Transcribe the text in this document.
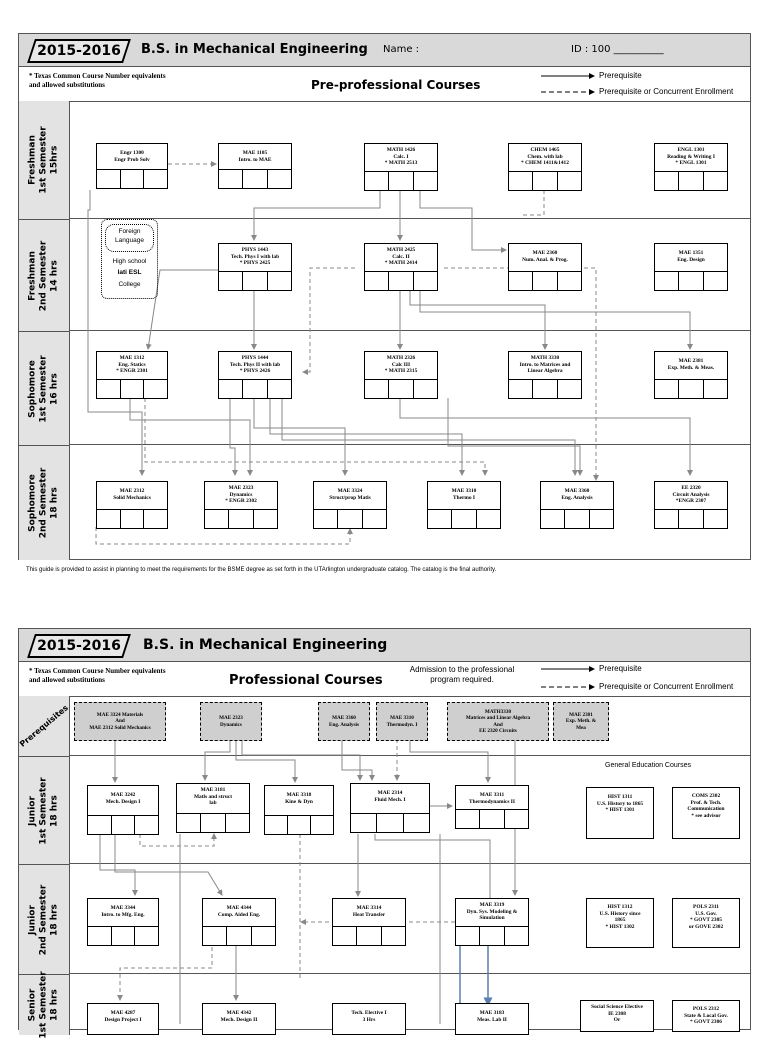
2015-2016	B.S. in Mechanical Engineering Name :	ID : 100 __________
* Texas Common Course Number equivalents
and allowed substitutions	Pre-professional Courses
Prerequisite
Prerequisite or Concurrent Enrollment
Freshman
1st Semester
15hrs
Freshman
2nd Semester
14 hrs
Sophomore
1st Semester
16 hrs
Sophomore
2nd Semester
18 hrs
Engr 1300
Engr Prob Solv
MAE 1105
Intro. to MAE
MATH 1426
Calc. I
* MATH 2513
CHEM 1465
Chem. with lab
* CHEM 1411&1412
ENGL 1301
Reading & Writing I
* ENGL 1301
Foreign
Language
High school
lati ESL
College
PHYS 1443
Tech. Phys I with lab
* PHYS 2425
MATH 2425
Calc. II
* MATH 2414
MAE 2360
Num. Anal. & Prog.
MAE 1351
Eng. Design
MAE 1312
Eng. Statics
* ENGR 2301
PHYS 1444
Tech. Phys II with lab
* PHYS 2426
MATH 2326
Calc III
* MATH 2315
MATH 3330
Intro. to Matrices and
Linear Algebra
MAE 2381
Exp. Meth. & Meas.
MAE 2312
Solid Mechanics
MAE 2323
Dynamics
* ENGR 2302
MAE 3324
Struct/prop Matls
MAE 3310
Thermo I
MAE 3360
Eng. Analysis
EE 2320
Circuit Analysis
*ENGR 2307
This guide is provided to assist in planning to meet the requirements for the BSME degree as set forth in the UTArlington undergraduate catalog. The catalog is the final authority.
2015-2016 B.S. in Mechanical Engineering
* Texas Common Course Number equivalents
and allowed substitutions	Professional Courses
Admission to the professional
program required.
Prerequisite
Prerequisite or Concurrent Enrollment
Prerequisites
Junior
1st Semester
18 hrs
Junior
2nd Semester
18 hrs
Senior
1st Semester
18 hrs
MAE 3324 Materials
And
MAE 2312 Solid Mechanics
MAE 2323
Dynamics
MAE 3360
Eng. Analysis
MAE 3310
Thermodyn. I
MATH3330
Matrices and Linear Algebra
And
EE 2320 Circuits
MAE 2381
Exp. Meth. &
Mea
MAE 3242
Mech. Design I
MAE 3181
Matls and struct
lab
MAE 3318
Kine & Dyn
MAE 2314
Fluid Mech. I
MAE 3311
Thermodynamics II
General Education Courses
HIST 1311
U.S. History to 1865
* HIST 1301
COMS 2302
Prof. & Tech.
Communication
* see advisor
MAE 3344
Intro. to Mfg. Eng.
MAE 4344
Comp. Aided Eng.
MAE 3314
Heat Transfer
MAE 3319
Dyn. Sys. Modeling &
Simulation
HIST 1312
U.S. History since
1865
* HIST 1302
POLS 2311
U.S. Gov.
* GOVT 2305
or GOVE 2302
MAE 4287
Design Project I
MAE 4342
Mech. Design II
Tech. Elective I
3 Hrs
MAE 3183
Meas. Lab II
Social Science Elective
IE 2308
Or
POLS 2312
State & Local Gov.
* GOVT 2306
